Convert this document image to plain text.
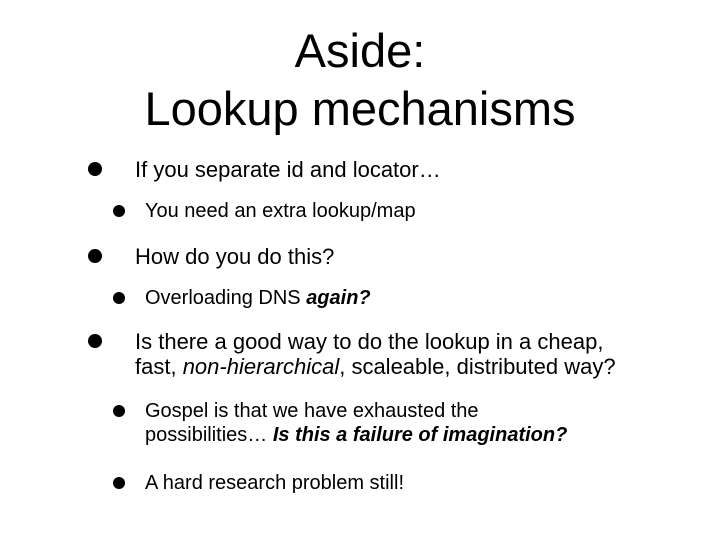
Aside:
Lookup mechanisms
If you separate id and locator…
You need an extra lookup/map
How do you do this?
Overloading DNS again?
Is there a good way to do the lookup in a cheap,
fast, non-hierarchical, scaleable, distributed way?
Gospel is that we have exhausted the
possibilities… Is this a failure of imagination?
A hard research problem still!
